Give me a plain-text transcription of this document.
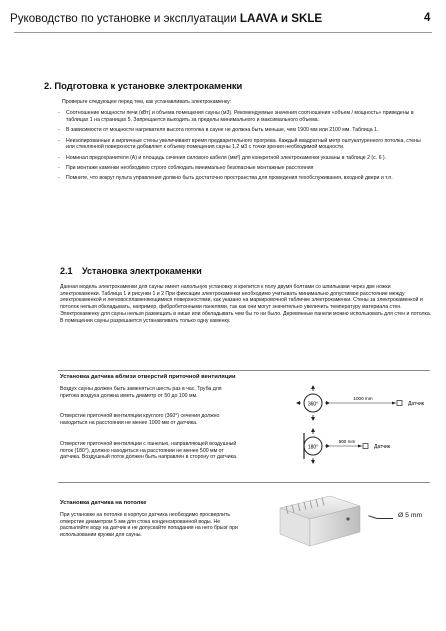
Руководство по установке и эксплуатации LAAVA и SKLE	4
2. Подготовка к установке электрокаменки
Проверьте следующее перед тем, как устанавливать электрокаменку:
- Соотношение мощности печи (кВт) и объема помещения сауны (м3). Рекомендуемые значения соотношения «объем / мощность» приведены в таблицах 1 на страницах 5. Запрещается выходить за пределы минимального и максимального объема.
- В зависимости от мощности нагревателя высота потолка в сауне не должна быть меньше, чем 1900 мм или 2100 мм. Таблица 1.
- Неизолированные и кирпичные стены увеличивают время предварительного прогрева. Каждый квадратный метр оштукатуренного потолка, стены или стеклянной поверхности добавляет к объему помещения сауны 1,2 м3 с точки зрения необходимой мощности.
- Номинал предохранителя (А) и площадь сечения силового кабеля (мм²) для конкретной электрокаменки указаны в таблице 2 (с. 6 ).
- При монтаже каменки необходимо строго соблюдать минимально безопасные монтажные расстояния
- Помните, что вокруг пульта управления должно быть достаточно пространства для проведения техобслуживания, входной двери и т.п.
2.1 Установка электрокаменки
Данная модель электрокаменки для сауны имеет напольную установку и крепится к полу двумя болтами со шпильками через две ножки электрокаменки. Таблица 1 и рисунки 1 и 2 При фиксации электрокаменки необходимо учитывать минимально допустимое расстояние между электрокаменкой и легковоспламеняющимися поверхностями, как указано на маркировочной табличке электрокаменки. Стены за электрокаменкой и потолок нельзя обкладывать, например, фибробетонными панелями, так как они могут значительно увеличить температуру материала стен. Электрокаменку для сауны нельзя размещать в нише или обкладывать чем бы то ни было. Деревянные панели можно использовать для стен и потолка.
В помещении сауны разрешается устанавливать только одну каменку.
Установка датчика вблизи отверстий приточной вентиляции
Воздух сауны должен быть заменяться шесть раз в час. Труба для притока воздуха должна иметь диаметр от 50 до 100 мм.
Отверстие приточной вентиляции круглого (360°) сечения должно находиться на расстоянии не менее 1000 мм от датчика.
Отверстие приточной вентиляции с панелью, направляющей воздушный поток (180°), должно находиться на расстоянии не менее 500 мм от датчика. Воздушный поток должен быть направлен в сторону от датчика.
360°
1000 mm
Датчик
180°
500 mm
Датчик
Установка датчика на потолке
При установке на потолке в корпусе датчика необходимо просверлить отверстие диаметром 5 мм для стока конденсированной воды. Не распыляйте воду на датчик и не допускайте попадания на него брызг при использовании кружки для сауны.
Ø 5 mm
